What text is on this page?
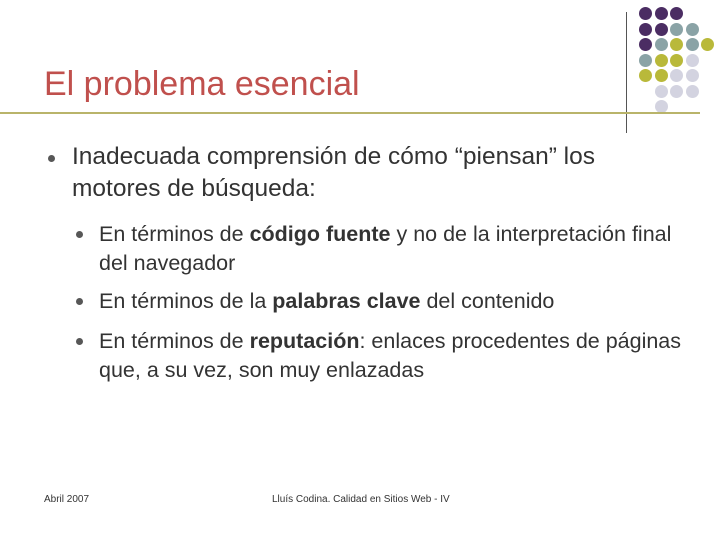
El problema esencial
Inadecuada comprensión de cómo “piensan” los motores de búsqueda:
En términos de código fuente y no de la interpretación final del navegador
En términos de la palabras clave del contenido
En términos de reputación: enlaces procedentes de páginas que, a su vez, son muy enlazadas
Abril 2007	Lluís Codina. Calidad en Sitios Web - IV
